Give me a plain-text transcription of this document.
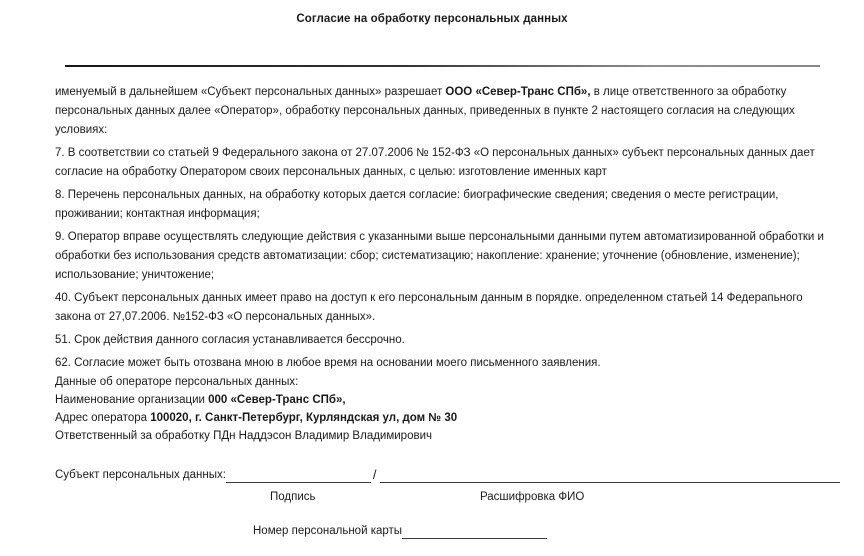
Согласие на обработку персональных данных

именуемый в дальнейшем «Субъект персональных данных» разрешает ООО «Север-Транс СПб», в лице ответственного за обработку персональных данных далее «Оператор», обработку персональных данных, приведенных в пункте 2 настоящего согласия на следующих условиях:

7. В соответствии со статьей 9 Федерального закона от 27.07.2006 № 152-ФЗ «О персональных данных» субъект персональных данных дает согласие на обработку Оператором своих персональных данных, с целью: изготовление именных карт

8. Перечень персональных данных, на обработку которых дается согласие: биографические сведения; сведения о месте регистрации, проживании; контактная информация;

9. Оператор вправе осуществлять следующие действия с указанными выше персональными данными путем автоматизированной обработки и обработки без использования средств автоматизации: сбор; систематизацию; накопление: хранение; уточнение (обновление, изменение); использование; уничтожение;

40. Субъект персональных данных имеет право на доступ к его персональным данным в порядке. определенном статьей 14 Федерапьного закона от 27,07.2006. №152-ФЗ «О персональных данных».

51. Срок действия данного согласия устанавливается бессрочно.

62. Согласие может быть отозвана мною в любое время на основании моего письменного заявления.

Данные об операторе персональных данных:
Наименование организации 000 «Север-Транс СПб»,
Адрес оператора 100020, г. Санкт-Петербург, Курляндская ул, дом № 30
Ответственный за обработку ПДн Наддэсон Владимир Владимирович
Субъект персональных данных:	/
Подпись	Расшифровка ФИО
Номер персональной карты
